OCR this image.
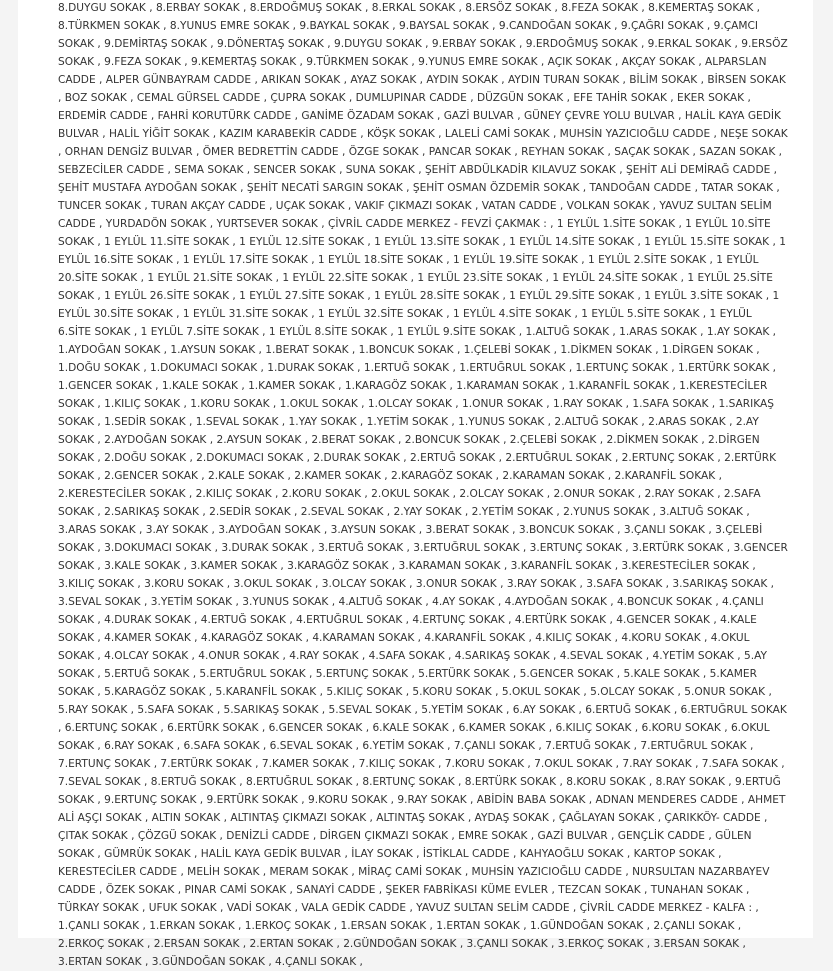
8.DUYGU SOKAK , 8.ERBAY SOKAK , 8.ERDOĞMUŞ SOKAK , 8.ERKAL SOKAK , 8.ERSÖZ SOKAK , 8.FEZA SOKAK , 8.KEMERTAŞ SOKAK , 8.TÜRKMEN SOKAK , 8.YUNUS EMRE SOKAK , 9.BAYKAL SOKAK , 9.BAYSAL SOKAK , 9.CANDOĞAN SOKAK , 9.ÇAĞRI SOKAK , 9.ÇAMCI SOKAK , 9.DEMİRTAŞ SOKAK , 9.DÖNERTAŞ SOKAK , 9.DUYGU SOKAK , 9.ERBAY SOKAK , 9.ERDOĞMUŞ SOKAK , 9.ERKAL SOKAK , 9.ERSÖZ SOKAK , 9.FEZA SOKAK , 9.KEMERTAŞ SOKAK , 9.TÜRKMEN SOKAK , 9.YUNUS EMRE SOKAK , AÇIK SOKAK , AKÇAY SOKAK , ALPARSLAN CADDE , ALPER GÜNBAYRAM CADDE , ARIKAN SOKAK , AYAZ SOKAK , AYDIN SOKAK , AYDIN TURAN SOKAK , BİLİM SOKAK , BİRSEN SOKAK , BOZ SOKAK , CEMAL GÜRSEL CADDE , ÇUPRA SOKAK , DUMLUPINAR CADDE , DÜZGÜN SOKAK , EFE TAHİR SOKAK , EKER SOKAK , ERDEMİR CADDE , FAHRİ KORUTÜRK CADDE , GANİME ÖZADAM SOKAK , GAZİ BULVAR , GÜNEY ÇEVRE YOLU BULVAR , HALİL KAYA GEDİK BULVAR , HALİL YİĞİT SOKAK , KAZIM KARABEKİR CADDE , KÖŞK SOKAK , LALELİ CAMİ SOKAK , MUHSİN YAZICIOĞLU CADDE , NEŞE SOKAK , ORHAN DENGİZ BULVAR , ÖMER BEDRETTİN CADDE , ÖZGE SOKAK , PANCAR SOKAK , REYHAN SOKAK , SAÇAK SOKAK , SAZAN SOKAK , SEBZECİLER CADDE , SEMA SOKAK , SENCER SOKAK , SUNA SOKAK , ŞEHİT ABDÜLKADİR KILAVUZ SOKAK , ŞEHİT ALİ DEMİRAĞ CADDE , ŞEHİT MUSTAFA AYDOĞAN SOKAK , ŞEHİT NECATİ SARGIN SOKAK , ŞEHİT OSMAN ÖZDEMİR SOKAK , TANDOĞAN CADDE , TATAR SOKAK , TUNCER SOKAK , TURAN AKÇAY CADDE , UÇAK SOKAK , VAKIF ÇIKMAZI SOKAK , VATAN CADDE , VOLKAN SOKAK , YAVUZ SULTAN SELİM CADDE , YURDADÖN SOKAK , YURTSEVER SOKAK , ÇİVRİL CADDE MERKEZ - FEVZİ ÇAKMAK : , 1 EYLÜL 1.SİTE SOKAK , 1 EYLÜL 10.SİTE SOKAK , 1 EYLÜL 11.SİTE SOKAK , 1 EYLÜL 12.SİTE SOKAK , 1 EYLÜL 13.SİTE SOKAK , 1 EYLÜL 14.SİTE SOKAK , 1 EYLÜL 15.SİTE SOKAK , 1 EYLÜL 16.SİTE SOKAK , 1 EYLÜL 17.SİTE SOKAK , 1 EYLÜL 18.SİTE SOKAK , 1 EYLÜL 19.SİTE SOKAK , 1 EYLÜL 2.SİTE SOKAK , 1 EYLÜL 20.SİTE SOKAK , 1 EYLÜL 21.SİTE SOKAK , 1 EYLÜL 22.SİTE SOKAK , 1 EYLÜL 23.SİTE SOKAK , 1 EYLÜL 24.SİTE SOKAK , 1 EYLÜL 25.SİTE SOKAK , 1 EYLÜL 26.SİTE SOKAK , 1 EYLÜL 27.SİTE SOKAK , 1 EYLÜL 28.SİTE SOKAK , 1 EYLÜL 29.SİTE SOKAK , 1 EYLÜL 3.SİTE SOKAK , 1 EYLÜL 30.SİTE SOKAK , 1 EYLÜL 31.SİTE SOKAK , 1 EYLÜL 32.SİTE SOKAK , 1 EYLÜL 4.SİTE SOKAK , 1 EYLÜL 5.SİTE SOKAK , 1 EYLÜL 6.SİTE SOKAK , 1 EYLÜL 7.SİTE SOKAK , 1 EYLÜL 8.SİTE SOKAK , 1 EYLÜL 9.SİTE SOKAK , 1.ALTUĞ SOKAK , 1.ARAS SOKAK , 1.AY SOKAK , 1.AYDOĞAN SOKAK , 1.AYSUN SOKAK , 1.BERAT SOKAK , 1.BONCUK SOKAK , 1.ÇELEBİ SOKAK , 1.DİKMEN SOKAK , 1.DİRGEN SOKAK , 1.DOĞU SOKAK , 1.DOKUMACI SOKAK , 1.DURAK SOKAK , 1.ERTUĞ SOKAK , 1.ERTUĞRUL SOKAK , 1.ERTUNÇ SOKAK , 1.ERTÜRK SOKAK , 1.GENCER SOKAK , 1.KALE SOKAK , 1.KAMER SOKAK , 1.KARAGÖZ SOKAK , 1.KARAMAN SOKAK , 1.KARANFİL SOKAK , 1.KERESTECİLER SOKAK , 1.KILIÇ SOKAK , 1.KORU SOKAK , 1.OKUL SOKAK , 1.OLCAY SOKAK , 1.ONUR SOKAK , 1.RAY SOKAK , 1.SAFA SOKAK , 1.SARIKAŞ SOKAK , 1.SEDİR SOKAK , 1.SEVAL SOKAK , 1.YAY SOKAK , 1.YETİM SOKAK , 1.YUNUS SOKAK , 2.ALTUĞ SOKAK , 2.ARAS SOKAK , 2.AY SOKAK , 2.AYDOĞAN SOKAK , 2.AYSUN SOKAK , 2.BERAT SOKAK , 2.BONCUK SOKAK , 2.ÇELEBİ SOKAK , 2.DİKMEN SOKAK , 2.DİRGEN SOKAK , 2.DOĞU SOKAK , 2.DOKUMACI SOKAK , 2.DURAK SOKAK , 2.ERTUĞ SOKAK , 2.ERTUĞRUL SOKAK , 2.ERTUNÇ SOKAK , 2.ERTÜRK SOKAK , 2.GENCER SOKAK , 2.KALE SOKAK , 2.KAMER SOKAK , 2.KARAGÖZ SOKAK , 2.KARAMAN SOKAK , 2.KARANFİL SOKAK , 2.KERESTECİLER SOKAK , 2.KILIÇ SOKAK , 2.KORU SOKAK , 2.OKUL SOKAK , 2.OLCAY SOKAK , 2.ONUR SOKAK , 2.RAY SOKAK , 2.SAFA SOKAK , 2.SARIKAŞ SOKAK , 2.SEDİR SOKAK , 2.SEVAL SOKAK , 2.YAY SOKAK , 2.YETİM SOKAK , 2.YUNUS SOKAK , 3.ALTUĞ SOKAK , 3.ARAS SOKAK , 3.AY SOKAK , 3.AYDOĞAN SOKAK , 3.AYSUN SOKAK , 3.BERAT SOKAK , 3.BONCUK SOKAK , 3.ÇANLI SOKAK , 3.ÇELEBİ SOKAK , 3.DOKUMACI SOKAK , 3.DURAK SOKAK , 3.ERTUĞ SOKAK , 3.ERTUĞRUL SOKAK , 3.ERTUNÇ SOKAK , 3.ERTÜRK SOKAK , 3.GENCER SOKAK , 3.KALE SOKAK , 3.KAMER SOKAK , 3.KARAGÖZ SOKAK , 3.KARAMAN SOKAK , 3.KARANFİL SOKAK , 3.KERESTECİLER SOKAK , 3.KILIÇ SOKAK , 3.KORU SOKAK , 3.OKUL SOKAK , 3.OLCAY SOKAK , 3.ONUR SOKAK , 3.RAY SOKAK , 3.SAFA SOKAK , 3.SARIKAŞ SOKAK , 3.SEVAL SOKAK , 3.YETİM SOKAK , 3.YUNUS SOKAK , 4.ALTUĞ SOKAK , 4.AY SOKAK , 4.AYDOĞAN SOKAK , 4.BONCUK SOKAK , 4.ÇANLI SOKAK , 4.DURAK SOKAK , 4.ERTUĞ SOKAK , 4.ERTUĞRUL SOKAK , 4.ERTUNÇ SOKAK , 4.ERTÜRK SOKAK , 4.GENCER SOKAK , 4.KALE SOKAK , 4.KAMER SOKAK , 4.KARAGÖZ SOKAK , 4.KARAMAN SOKAK , 4.KARANFİL SOKAK , 4.KILIÇ SOKAK , 4.KORU SOKAK , 4.OKUL SOKAK , 4.OLCAY SOKAK , 4.ONUR SOKAK , 4.RAY SOKAK , 4.SAFA SOKAK , 4.SARIKAŞ SOKAK , 4.SEVAL SOKAK , 4.YETİM SOKAK , 5.AY SOKAK , 5.ERTUĞ SOKAK , 5.ERTUĞRUL SOKAK , 5.ERTUNÇ SOKAK , 5.ERTÜRK SOKAK , 5.GENCER SOKAK , 5.KALE SOKAK , 5.KAMER SOKAK , 5.KARAGÖZ SOKAK , 5.KARANFİL SOKAK , 5.KILIÇ SOKAK , 5.KORU SOKAK , 5.OKUL SOKAK , 5.OLCAY SOKAK , 5.ONUR SOKAK , 5.RAY SOKAK , 5.SAFA SOKAK , 5.SARIKAŞ SOKAK , 5.SEVAL SOKAK , 5.YETİM SOKAK , 6.AY SOKAK , 6.ERTUĞ SOKAK , 6.ERTUĞRUL SOKAK , 6.ERTUNÇ SOKAK , 6.ERTÜRK SOKAK , 6.GENCER SOKAK , 6.KALE SOKAK , 6.KAMER SOKAK , 6.KILIÇ SOKAK , 6.KORU SOKAK , 6.OKUL SOKAK , 6.RAY SOKAK , 6.SAFA SOKAK , 6.SEVAL SOKAK , 6.YETİM SOKAK , 7.ÇANLI SOKAK , 7.ERTUĞ SOKAK , 7.ERTUĞRUL SOKAK , 7.ERTUNÇ SOKAK , 7.ERTÜRK SOKAK , 7.KAMER SOKAK , 7.KILIÇ SOKAK , 7.KORU SOKAK , 7.OKUL SOKAK , 7.RAY SOKAK , 7.SAFA SOKAK , 7.SEVAL SOKAK , 8.ERTUĞ SOKAK , 8.ERTUĞRUL SOKAK , 8.ERTUNÇ SOKAK , 8.ERTÜRK SOKAK , 8.KORU SOKAK , 8.RAY SOKAK , 9.ERTUĞ SOKAK , 9.ERTUNÇ SOKAK , 9.ERTÜRK SOKAK , 9.KORU SOKAK , 9.RAY SOKAK , ABİDİN BABA SOKAK , ADNAN MENDERES CADDE , AHMET ALİ AŞÇI SOKAK , ALTIN SOKAK , ALTINTAŞ ÇIKMAZI SOKAK , ALTINTAŞ SOKAK , AYDAŞ SOKAK , ÇAĞLAYAN SOKAK , ÇARIKKÖY- CADDE , ÇITAK SOKAK , ÇÖZGÜ SOKAK , DENİZLİ CADDE , DİRGEN ÇIKMAZI SOKAK , EMRE SOKAK , GAZİ BULVAR , GENÇLİK CADDE , GÜLEN SOKAK , GÜMRÜK SOKAK , HALİL KAYA GEDİK BULVAR , İLAY SOKAK , İSTİKLAL CADDE , KAHYAOĞLU SOKAK , KARTOP SOKAK , KERESTECİLER CADDE , MELİH SOKAK , MERAM SOKAK , MİRAÇ CAMİ SOKAK , MUHSİN YAZICIOĞLU CADDE , NURSULTAN NAZARBAYEV CADDE , ÖZEK SOKAK , PINAR CAMİ SOKAK , SANAYİ CADDE , ŞEKER FABRİKASI KÜME EVLER , TEZCAN SOKAK , TUNAHAN SOKAK , TÜRKAY SOKAK , UFUK SOKAK , VADİ SOKAK , VALA GEDİK CADDE , YAVUZ SULTAN SELİM CADDE , ÇİVRİL CADDE MERKEZ - KALFA : , 1.ÇANLI SOKAK , 1.ERKAN SOKAK , 1.ERKOÇ SOKAK , 1.ERSAN SOKAK , 1.ERTAN SOKAK , 1.GÜNDOĞAN SOKAK , 2.ÇANLI SOKAK , 2.ERKOÇ SOKAK , 2.ERSAN SOKAK , 2.ERTAN SOKAK , 2.GÜNDOĞAN SOKAK , 3.ÇANLI SOKAK , 3.ERKOÇ SOKAK , 3.ERSAN SOKAK , 3.ERTAN SOKAK , 3.GÜNDOĞAN SOKAK , 4.ÇANLI SOKAK ,
